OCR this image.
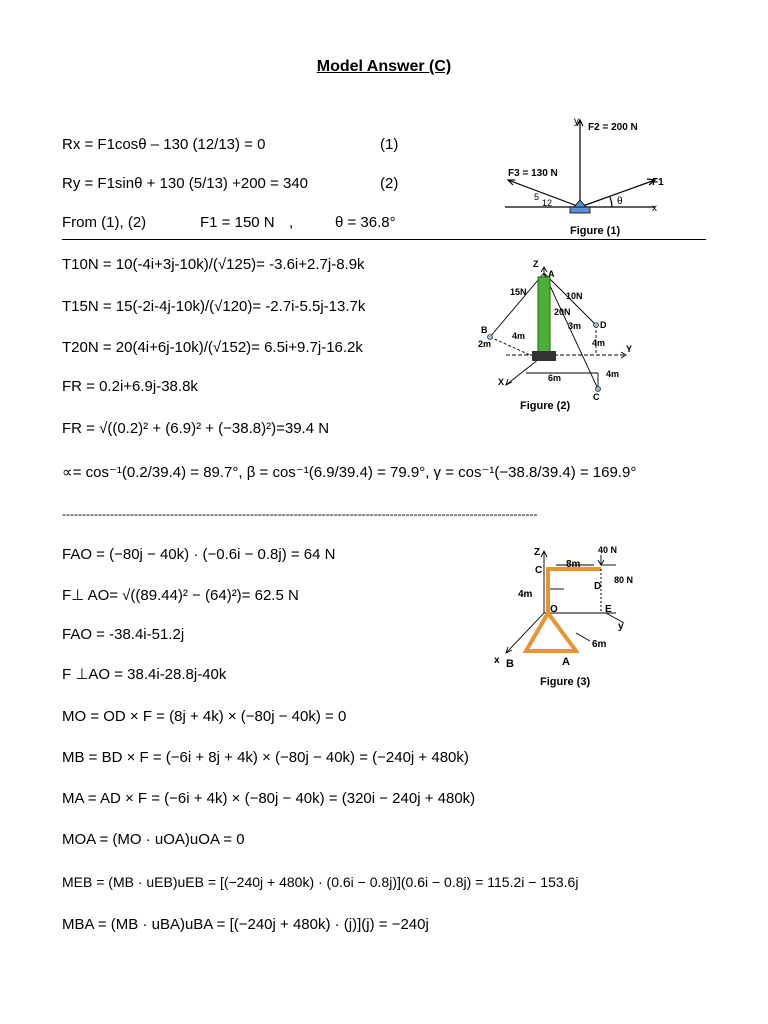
Model Answer (C)
Rx = F1cosθ – 130 (12/13) = 0	(1)
Ry = F1sinθ + 130 (5/13) +200 = 340	(2)
From (1), (2)	F1 = 150 N ,	θ = 36.8°
y
F2 = 200 N
F3 = 130 N
F1
x
5
12	θ
Figure (1)
T10N = 10(-4i+3j-10k)/(√125)= -3.6i+2.7j-8.9k
T15N = 15(-2i-4j-10k)/(√120)= -2.7i-5.5j-13.7k
T20N = 20(4i+6j-10k)/(√152)= 6.5i+9.7j-16.2k
FR = 0.2i+6.9j-38.8k
FR = √((0.2)² + (6.9)² + (−38.8)²)=39.4 N
∝= cos⁻¹(0.2/39.4) = 89.7°, β = cos⁻¹(6.9/39.4) = 79.9°, γ = cos⁻¹(−38.8/39.4) = 169.9°
Z
A
15N	10N
20N
4m
3m D
B
2m	4m
Y
X	6m	4m
C
Figure (2)
-----------------------------------------------------------------------------------------------------------------------
FAO = (−80j − 40k) · (−0.6i − 0.8j) = 64 N
F⊥ AO= √((89.44)² − (64)²)= 62.5 N
FAO = -38.4i-51.2j
F ⊥AO = 38.4i-28.8j-40k
MO = OD × F = (8j + 4k) × (−80j − 40k) = 0
MB = BD × F = (−6i + 8j + 4k) × (−80j − 40k) = (−240j + 480k)
MA = AD × F = (−6i + 4k) × (−80j − 40k) = (320i − 240j + 480k)
MOA = (MO · uOA)uOA = 0
MEB = (MB · uEB)uEB = [(−240j + 480k) · (0.6i − 0.8j)](0.6i − 0.8j) = 115.2i − 153.6j
MBA = (MB · uBA)uBA = [(−240j + 480k) · (j)](j) = −240j
Z
C
8m
40 N
80 N
D
4m
O	E
y
6m
x B	A
Figure (3)
